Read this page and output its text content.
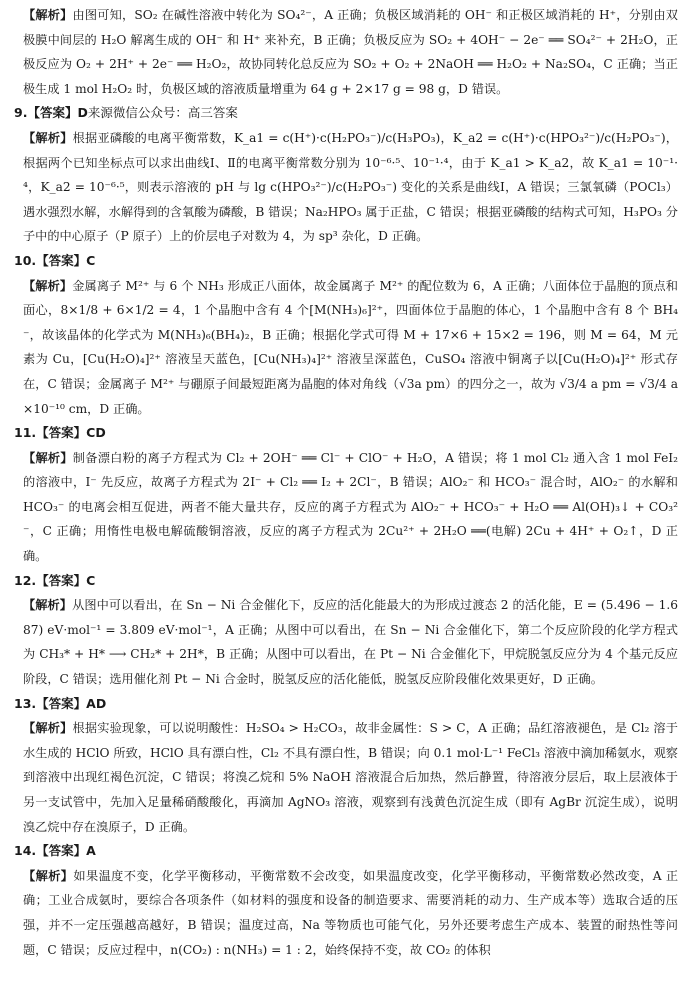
【解析】由图可知，SO₂ 在碱性溶液中转化为 SO₄²⁻，A 正确；负极区域消耗的 OH⁻ 和正极区域消耗的 H⁺，分别由双极膜中间层的 H₂O 解离生成的 OH⁻ 和 H⁺ 来补充，B 正确；负极反应为 SO₂ + 4OH⁻ − 2e⁻ ══ SO₄²⁻ + 2H₂O，正极反应为 O₂ + 2H⁺ + 2e⁻ ══ H₂O₂，故协同转化总反应为 SO₂ + O₂ + 2NaOH ══ H₂O₂ + Na₂SO₄，C 正确；当正极生成 1 mol H₂O₂ 时，负极区域的溶液质量增重为 64 g + 2×17 g = 98 g，D 错误。

9.【答案】D来源微信公众号：高三答案

【解析】根据亚磷酸的电离平衡常数，K_a1 = c(H⁺)·c(H₂PO₃⁻)/c(H₃PO₃)，K_a2 = c(H⁺)·c(HPO₃²⁻)/c(H₂PO₃⁻)，根据两个已知坐标点可以求出曲线Ⅰ、Ⅱ的电离平衡常数分别为 10⁻⁶·⁵、10⁻¹·⁴，由于 K_a1 > K_a2，故 K_a1 = 10⁻¹·⁴，K_a2 = 10⁻⁶·⁵，则表示溶液的 pH 与 lg c(HPO₃²⁻)/c(H₂PO₃⁻) 变化的关系是曲线Ⅰ，A 错误；三氯氧磷（POCl₃）遇水强烈水解，水解得到的含氧酸为磷酸，B 错误；Na₂HPO₃ 属于正盐，C 错误；根据亚磷酸的结构式可知，H₃PO₃ 分子中的中心原子（P 原子）上的价层电子对数为 4，为 sp³ 杂化，D 正确。

10.【答案】C

【解析】金属离子 M²⁺ 与 6 个 NH₃ 形成正八面体，故金属离子 M²⁺ 的配位数为 6，A 正确；八面体位于晶胞的顶点和面心，8×1/8 + 6×1/2 = 4，1 个晶胞中含有 4 个[M(NH₃)₆]²⁺，四面体位于晶胞的体心，1 个晶胞中含有 8 个 BH₄⁻，故该晶体的化学式为 M(NH₃)₆(BH₄)₂，B 正确；根据化学式可得 M + 17×6 + 15×2 = 196，则 M = 64，M 元素为 Cu，[Cu(H₂O)₄]²⁺ 溶液呈天蓝色，[Cu(NH₃)₄]²⁺ 溶液呈深蓝色，CuSO₄ 溶液中铜离子以[Cu(H₂O)₄]²⁺ 形式存在，C 错误；金属离子 M²⁺ 与硼原子间最短距离为晶胞的体对角线（√3a pm）的四分之一，故为 √3/4 a pm = √3/4 a×10⁻¹⁰ cm，D 正确。

11.【答案】CD

【解析】制备漂白粉的离子方程式为 Cl₂ + 2OH⁻ ══ Cl⁻ + ClO⁻ + H₂O，A 错误；将 1 mol Cl₂ 通入含 1 mol FeI₂ 的溶液中，I⁻ 先反应，故离子方程式为 2I⁻ + Cl₂ ══ I₂ + 2Cl⁻，B 错误；AlO₂⁻ 和 HCO₃⁻ 混合时，AlO₂⁻ 的水解和 HCO₃⁻ 的电离会相互促进，两者不能大量共存，反应的离子方程式为 AlO₂⁻ + HCO₃⁻ + H₂O ══ Al(OH)₃↓ + CO₃²⁻，C 正确；用惰性电极电解硫酸铜溶液，反应的离子方程式为 2Cu²⁺ + 2H₂O ══(电解) 2Cu + 4H⁺ + O₂↑，D 正确。

12.【答案】C

【解析】从图中可以看出，在 Sn − Ni 合金催化下，反应的活化能最大的为形成过渡态 2 的活化能，E = (5.496 − 1.687) eV·mol⁻¹ = 3.809 eV·mol⁻¹，A 正确；从图中可以看出，在 Sn − Ni 合金催化下，第二个反应阶段的化学方程式为 CH₃* + H* ⟶ CH₂* + 2H*，B 正确；从图中可以看出，在 Pt − Ni 合金催化下，甲烷脱氢反应分为 4 个基元反应阶段，C 错误；选用催化剂 Pt − Ni 合金时，脱氢反应的活化能低，脱氢反应阶段催化效果更好，D 正确。

13.【答案】AD

【解析】根据实验现象，可以说明酸性：H₂SO₄ > H₂CO₃，故非金属性：S > C，A 正确；品红溶液褪色，是 Cl₂ 溶于水生成的 HClO 所致，HClO 具有漂白性，Cl₂ 不具有漂白性，B 错误；向 0.1 mol·L⁻¹ FeCl₃ 溶液中滴加稀氨水，观察到溶液中出现红褐色沉淀，C 错误；将溴乙烷和 5% NaOH 溶液混合后加热，然后静置，待溶液分层后，取上层液体于另一支试管中，先加入足量稀硝酸酸化，再滴加 AgNO₃ 溶液，观察到有浅黄色沉淀生成（即有 AgBr 沉淀生成），说明溴乙烷中存在溴原子，D 正确。

14.【答案】A

【解析】如果温度不变，化学平衡移动，平衡常数不会改变，如果温度改变，化学平衡移动，平衡常数必然改变，A 正确；工业合成氨时，要综合各项条件（如材料的强度和设备的制造要求、需要消耗的动力、生产成本等）选取合适的压强，并不一定压强越高越好，B 错误；温度过高，Na 等物质也可能气化，另外还要考虑生产成本、装置的耐热性等问题，C 错误；反应过程中，n(CO₂) : n(NH₃) = 1 : 2，始终保持不变，故 CO₂ 的体积
